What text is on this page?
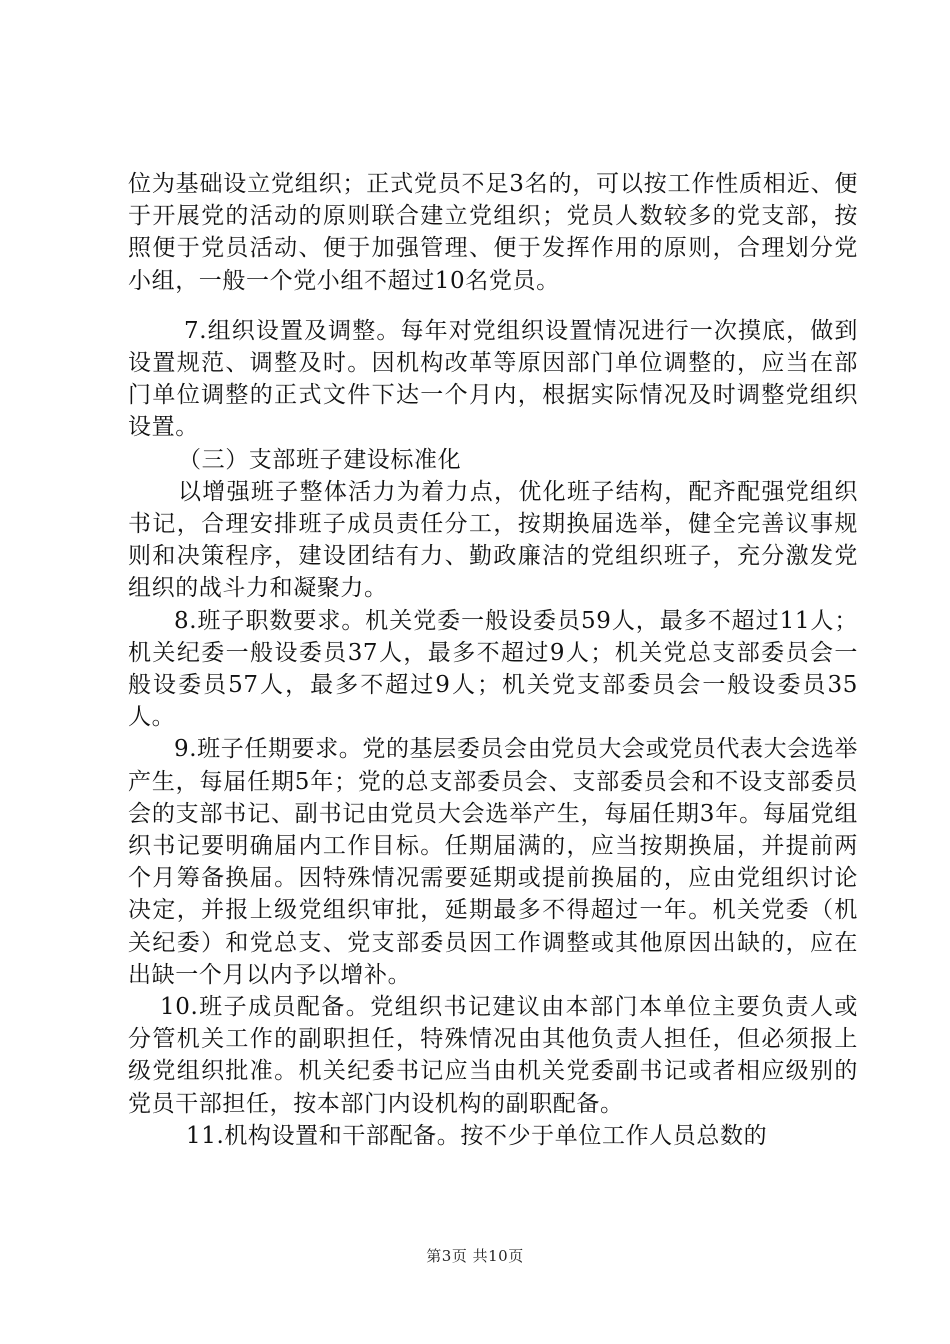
位为基础设立党组织；正式党员不足3名的，可以按工作性质相近、便于开展党的活动的原则联合建立党组织；党员人数较多的党支部，按照便于党员活动、便于加强管理、便于发挥作用的原则，合理划分党小组，一般一个党小组不超过10名党员。

7.组织设置及调整。每年对党组织设置情况进行一次摸底，做到设置规范、调整及时。因机构改革等原因部门单位调整的，应当在部门单位调整的正式文件下达一个月内，根据实际情况及时调整党组织设置。

（三）支部班子建设标准化

以增强班子整体活力为着力点，优化班子结构，配齐配强党组织书记，合理安排班子成员责任分工，按期换届选举，健全完善议事规则和决策程序，建设团结有力、勤政廉洁的党组织班子，充分激发党组织的战斗力和凝聚力。

8.班子职数要求。机关党委一般设委员59人，最多不超过11人；机关纪委一般设委员37人，最多不超过9人；机关党总支部委员会一般设委员57人，最多不超过9人；机关党支部委员会一般设委员35人。

9.班子任期要求。党的基层委员会由党员大会或党员代表大会选举产生，每届任期5年；党的总支部委员会、支部委员会和不设支部委员会的支部书记、副书记由党员大会选举产生，每届任期3年。每届党组织书记要明确届内工作目标。任期届满的，应当按期换届，并提前两个月筹备换届。因特殊情况需要延期或提前换届的，应由党组织讨论决定，并报上级党组织审批，延期最多不得超过一年。机关党委（机关纪委）和党总支、党支部委员因工作调整或其他原因出缺的，应在出缺一个月以内予以增补。

10.班子成员配备。党组织书记建议由本部门本单位主要负责人或分管机关工作的副职担任，特殊情况由其他负责人担任，但必须报上级党组织批准。机关纪委书记应当由机关党委副书记或者相应级别的党员干部担任，按本部门内设机构的副职配备。

11.机构设置和干部配备。按不少于单位工作人员总数的

第3页 共10页
